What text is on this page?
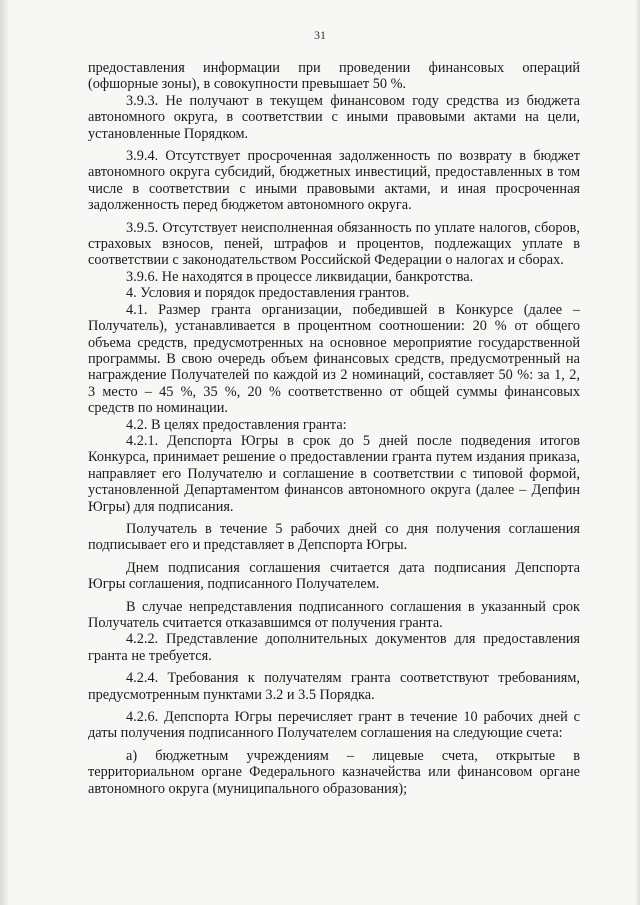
31

предоставления информации при проведении финансовых операций (офшорные зоны), в совокупности превышает 50 %.

3.9.3. Не получают в текущем финансовом году средства из бюджета автономного округа, в соответствии с иными правовыми актами на цели, установленные Порядком.

3.9.4. Отсутствует просроченная задолженность по возврату в бюджет автономного округа субсидий, бюджетных инвестиций, предоставленных в том числе в соответствии с иными правовыми актами, и иная просроченная задолженность перед бюджетом автономного округа.

3.9.5. Отсутствует неисполненная обязанность по уплате налогов, сборов, страховых взносов, пеней, штрафов и процентов, подлежащих уплате в соответствии с законодательством Российской Федерации о налогах и сборах.

3.9.6. Не находятся в процессе ликвидации, банкротства.

4. Условия и порядок предоставления грантов.

4.1. Размер гранта организации, победившей в Конкурсе (далее – Получатель), устанавливается в процентном соотношении: 20 % от общего объема средств, предусмотренных на основное мероприятие государственной программы. В свою очередь объем финансовых средств, предусмотренный на награждение Получателей по каждой из 2 номинаций, составляет 50 %: за 1, 2, 3 место – 45 %, 35 %, 20 % соответственно от общей суммы финансовых средств по номинации.

4.2. В целях предоставления гранта:

4.2.1. Депспорта Югры в срок до 5 дней после подведения итогов Конкурса, принимает решение о предоставлении гранта путем издания приказа, направляет его Получателю и соглашение в соответствии с типовой формой, установленной Департаментом финансов автономного округа (далее – Депфин Югры) для подписания.

Получатель в течение 5 рабочих дней со дня получения соглашения подписывает его и представляет в Депспорта Югры.

Днем подписания соглашения считается дата подписания Депспорта Югры соглашения, подписанного Получателем.

В случае непредставления подписанного соглашения в указанный срок Получатель считается отказавшимся от получения гранта.

4.2.2. Представление дополнительных документов для предоставления гранта не требуется.

4.2.4. Требования к получателям гранта соответствуют требованиям, предусмотренным пунктами 3.2 и 3.5 Порядка.

4.2.6. Депспорта Югры перечисляет грант в течение 10 рабочих дней с даты получения подписанного Получателем соглашения на следующие счета:

а) бюджетным учреждениям – лицевые счета, открытые в территориальном органе Федерального казначейства или финансовом органе автономного округа (муниципального образования);
